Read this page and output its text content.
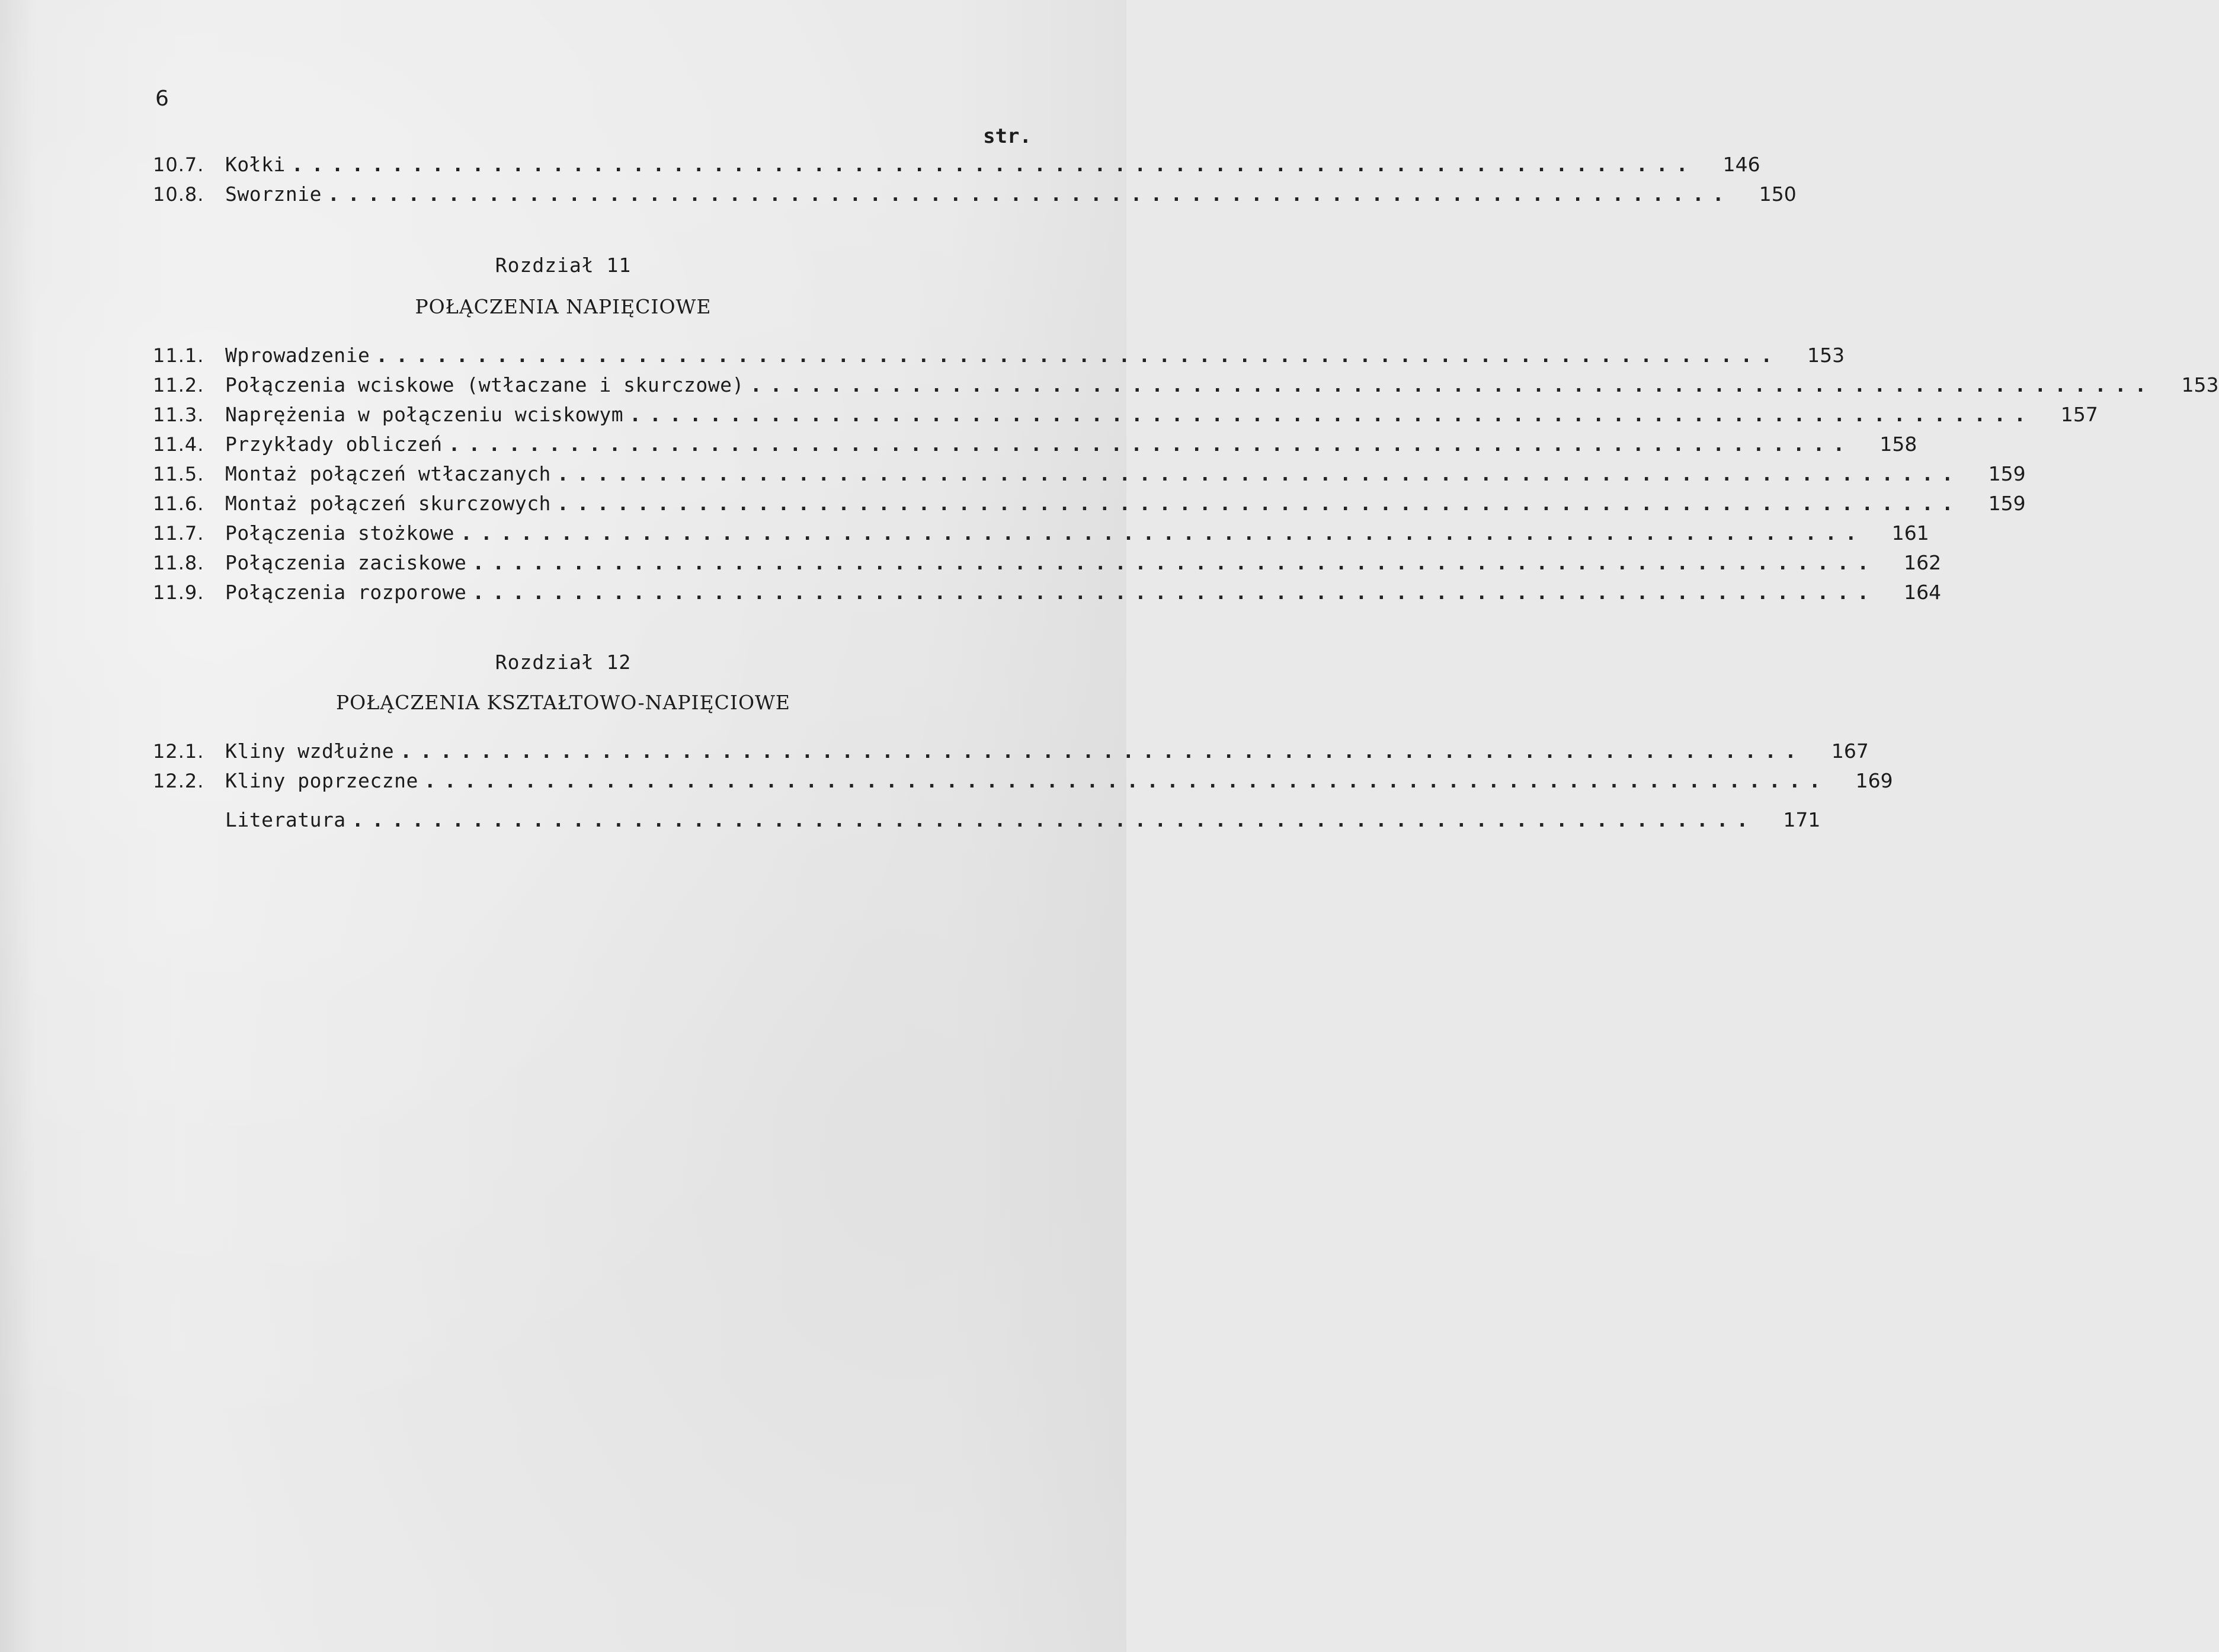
6
str.
10.7.	Kołki ......................................................................	146
10.8.	Sworznie ......................................................................	150
Rozdział 11
POŁĄCZENIA NAPIĘCIOWE
11.1.	Wprowadzenie ......................................................................	153
11.2.	Połączenia wciskowe (wtłaczane i skurczowe) ......................................................................	153
11.3.	Naprężenia w połączeniu wciskowym ......................................................................	157
11.4.	Przykłady obliczeń ......................................................................	158
11.5.	Montaż połączeń wtłaczanych ......................................................................	159
11.6.	Montaż połączeń skurczowych ......................................................................	159
11.7.	Połączenia stożkowe ......................................................................	161
11.8.	Połączenia zaciskowe ......................................................................	162
11.9.	Połączenia rozporowe ......................................................................	164
Rozdział 12
POŁĄCZENIA KSZTAŁTOWO-NAPIĘCIOWE
12.1.	Kliny wzdłużne ......................................................................	167
12.2.	Kliny poprzeczne ......................................................................	169
Literatura ......................................................................	171
